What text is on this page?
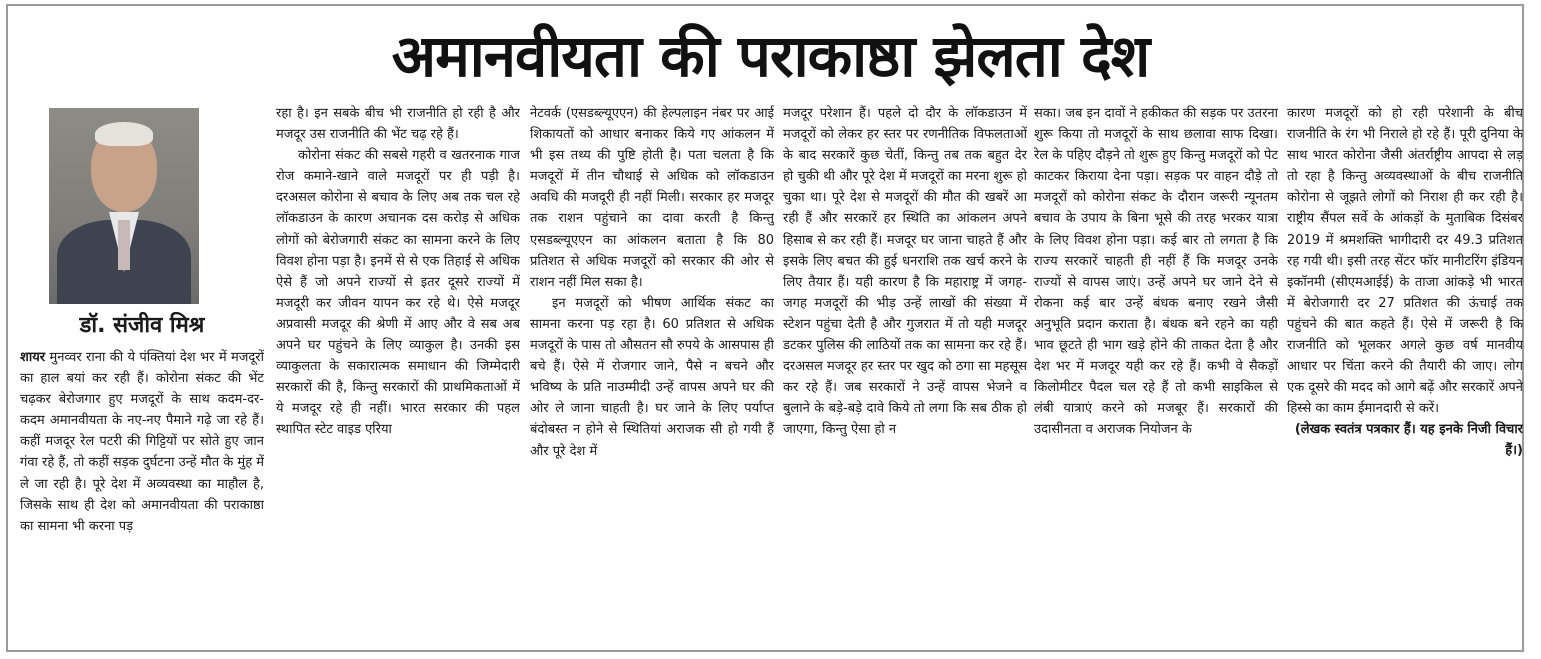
अमानवीयता की पराकाष्ठा झेलता देश
डॉ. संजीव मिश्र

शायर मुनव्वर राना की ये पंक्तियां देश भर में मजदूरों का हाल बयां कर रही हैं। कोरोना संकट की भेंट चढ़कर बेरोजगार हुए मजदूरों के साथ कदम-दर-कदम अमानवीयता के नए-नए पैमाने गढ़े जा रहे हैं। कहीं मजदूर रेल पटरी की गिट्टियों पर सोते हुए जान गंवा रहे हैं, तो कहीं सड़क दुर्घटना उन्हें मौत के मुंह में ले जा रही है। पूरे देश में अव्यवस्था का माहौल है, जिसके साथ ही देश को अमानवीयता की पराकाष्ठा का सामना भी करना पड़

रहा है। इन सबके बीच भी राजनीति हो रही है और मजदूर उस राजनीति की भेंट चढ़ रहे हैं।

कोरोना संकट की सबसे गहरी व खतरनाक गाज रोज कमाने-खाने वाले मजदूरों पर ही पड़ी है। दरअसल कोरोना से बचाव के लिए अब तक चल रहे लॉकडाउन के कारण अचानक दस करोड़ से अधिक लोगों को बेरोजगारी संकट का सामना करने के लिए विवश होना पड़ा है। इनमें से से एक तिहाई से अधिक ऐसे हैं जो अपने राज्यों से इतर दूसरे राज्यों में मजदूरी कर जीवन यापन कर रहे थे। ऐसे मजदूर अप्रवासी मजदूर की श्रेणी में आए और वे सब अब अपने घर पहुंचने के लिए व्याकुल है। उनकी इस व्याकुलता के सकारात्मक समाधान की जिम्मेदारी सरकारों की है, किन्तु सरकारों की प्राथमिकताओं में ये मजदूर रहे ही नहीं। भारत सरकार की पहल स्थापित स्टेट वाइड एरिया

नेटवर्क (एसडब्ल्यूएएन) की हेल्पलाइन नंबर पर आई शिकायतों को आधार बनाकर किये गए आंकलन में भी इस तथ्य की पुष्टि होती है। पता चलता है कि मजदूरों में तीन चौथाई से अधिक को लॉकडाउन अवधि की मजदूरी ही नहीं मिली। सरकार हर मजदूर तक राशन पहुंचाने का दावा करती है किन्तु एसडब्ल्यूएएन का आंकलन बताता है कि 80 प्रतिशत से अधिक मजदूरों को सरकार की ओर से राशन नहीं मिल सका है।

इन मजदूरों को भीषण आर्थिक संकट का सामना करना पड़ रहा है। 60 प्रतिशत से अधिक मजदूरों के पास तो औसतन सौ रुपये के आसपास ही बचे हैं। ऐसे में रोजगार जाने, पैसे न बचने और भविष्य के प्रति नाउम्मीदी उन्हें वापस अपने घर की ओर ले जाना चाहती है। घर जाने के लिए पर्याप्त बंदोबस्त न होने से स्थितियां अराजक सी हो गयी हैं और पूरे देश में

मजदूर परेशान हैं। पहले दो दौर के लॉकडाउन में मजदूरों को लेकर हर स्तर पर रणनीतिक विफलताओं के बाद सरकारें कुछ चेतीं, किन्तु तब तक बहुत देर हो चुकी थी और पूरे देश में मजदूरों का मरना शुरू हो चुका था। पूरे देश से मजदूरों की मौत की खबरें आ रही हैं और सरकारें हर स्थिति का आंकलन अपने हिसाब से कर रही हैं। मजदूर घर जाना चाहते हैं और इसके लिए बचत की हुई धनराशि तक खर्च करने के लिए तैयार हैं। यही कारण है कि महाराष्ट्र में जगह-जगह मजदूरों की भीड़ उन्हें लाखों की संख्या में स्टेशन पहुंचा देती है और गुजरात में तो यही मजदूर डटकर पुलिस की लाठियों तक का सामना कर रहे हैं। दरअसल मजदूर हर स्तर पर खुद को ठगा सा महसूस कर रहे हैं। जब सरकारों ने उन्हें वापस भेजने व बुलाने के बड़े-बड़े दावे किये तो लगा कि सब ठीक हो जाएगा, किन्तु ऐसा हो न

सका। जब इन दावों ने हकीकत की सड़क पर उतरना शुरू किया तो मजदूरों के साथ छलावा साफ दिखा। रेल के पहिए दौड़ने तो शुरू हुए किन्तु मजदूरों को पेट काटकर किराया देना पड़ा। सड़क पर वाहन दौड़े तो मजदूरों को कोरोना संकट के दौरान जरूरी न्यूनतम बचाव के उपाय के बिना भूसे की तरह भरकर यात्रा के लिए विवश होना पड़ा। कई बार तो लगता है कि राज्य सरकारें चाहती ही नहीं हैं कि मजदूर उनके राज्यों से वापस जाएं। उन्हें अपने घर जाने देने से रोकना कई बार उन्हें बंधक बनाए रखने जैसी अनुभूति प्रदान कराता है। बंधक बने रहने का यही भाव छूटते ही भाग खड़े होने की ताकत देता है और देश भर में मजदूर यही कर रहे हैं। कभी वे सैकड़ों किलोमीटर पैदल चल रहे हैं तो कभी साइकिल से लंबी यात्राएं करने को मजबूर हैं। सरकारों की उदासीनता व अराजक नियोजन के

कारण मजदूरों को हो रही परेशानी के बीच राजनीति के रंग भी निराले हो रहे हैं। पूरी दुनिया के साथ भारत कोरोना जैसी अंतर्राष्ट्रीय आपदा से लड़ तो रहा है किन्तु अव्यवस्थाओं के बीच राजनीति कोरोना से जूझते लोगों को निराश ही कर रही है। राष्ट्रीय सैंपल सर्वे के आंकड़ों के मुताबिक दिसंबर 2019 में श्रमशक्ति भागीदारी दर 49.3 प्रतिशत रह गयी थी। इसी तरह सेंटर फॉर मानीटरिंग इंडियन इकॉनमी (सीएमआईई) के ताजा आंकड़े भी भारत में बेरोजगारी दर 27 प्रतिशत की ऊंचाई तक पहुंचने की बात कहते हैं। ऐसे में जरूरी है कि राजनीति को भूलकर अगले कुछ वर्ष मानवीय आधार पर चिंता करने की तैयारी की जाए। लोग एक दूसरे की मदद को आगे बढ़ें और सरकारें अपने हिस्से का काम ईमानदारी से करें।

(लेखक स्वतंत्र पत्रकार हैं। यह इनके निजी विचार हैं।)
